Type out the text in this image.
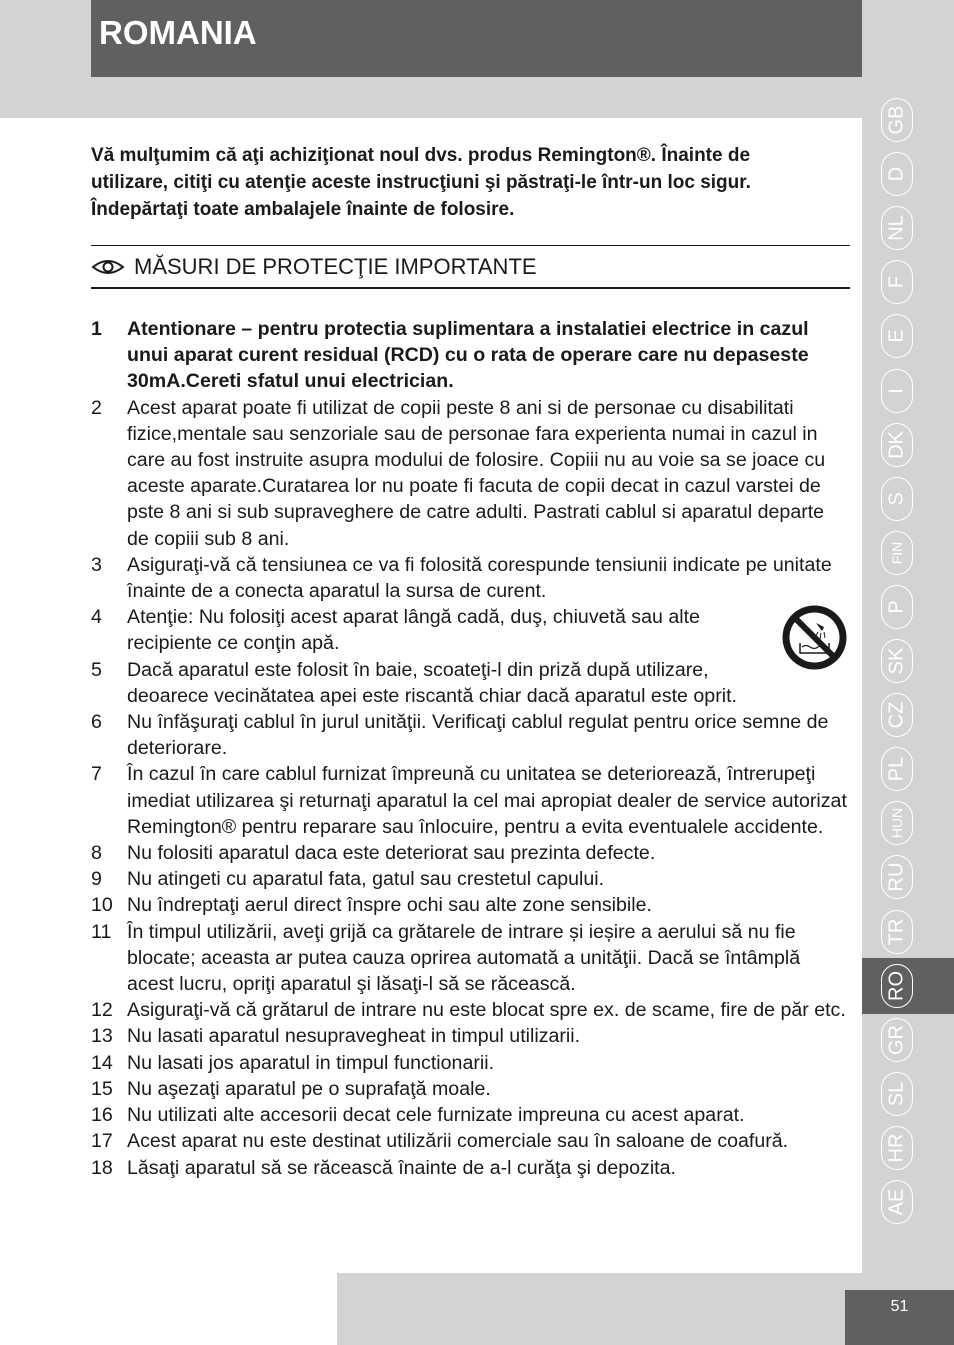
ROMANIA
Vă mulţumim că aţi achiziţionat noul dvs. produs Remington®. Înainte de utilizare, citiţi cu atenţie aceste instrucţiuni şi păstraţi-le într-un loc sigur. Îndepărtaţi toate ambalajele înainte de folosire.
MĂSURI DE PROTECŢIE IMPORTANTE
1	Atentionare – pentru protectia suplimentara a instalatiei electrice in cazul unui aparat curent residual (RCD) cu o rata de operare care nu depaseste 30mA.Cereti sfatul unui electrician.
2	Acest aparat poate fi utilizat de copii peste 8 ani si de personae cu disabilitati fizice,mentale sau senzoriale sau de personae fara experienta numai in cazul in care au fost instruite asupra modului de folosire. Copiii nu au voie sa se joace cu aceste aparate.Curatarea lor nu poate fi facuta de copii decat in cazul varstei de pste 8 ani si sub supraveghere de catre adulti. Pastrati cablul si aparatul departe de copiii sub 8 ani.
3	Asiguraţi-vă că tensiunea ce va fi folosită corespunde tensiunii indicate pe unitate înainte de a conecta aparatul la sursa de curent.
4	Atenţie: Nu folosiţi acest aparat lângă cadă, duş, chiuvetă sau alte recipiente ce conţin apă.
5	Dacă aparatul este folosit în baie, scoateţi-l din priză după utilizare, deoarece vecinătatea apei este riscantă chiar dacă aparatul este oprit.
6	Nu înfăşuraţi cablul în jurul unităţii. Verificaţi cablul regulat pentru orice semne de deteriorare.
7	În cazul în care cablul furnizat împreună cu unitatea se deteriorează, întrerupeţi imediat utilizarea şi returnaţi aparatul la cel mai apropiat dealer de service autorizat Remington® pentru reparare sau înlocuire, pentru a evita eventualele accidente.
8	Nu folositi aparatul daca este deteriorat sau prezinta defecte.
9	Nu atingeti cu aparatul fata, gatul sau crestetul capului.
10 Nu îndreptaţi aerul direct înspre ochi sau alte zone sensibile.
11 În timpul utilizării, aveţi grijă ca grătarele de intrare și ieșire a aerului să nu fie blocate; aceasta ar putea cauza oprirea automată a unităţii. Dacă se întâmplă acest lucru, opriţi aparatul şi lăsaţi-l să se răcească.
12 Asiguraţi-vă că grătarul de intrare nu este blocat spre ex. de scame, fire de păr etc.
13 Nu lasati aparatul nesupravegheat in timpul utilizarii.
14 Nu lasati jos aparatul in timpul functionarii.
15 Nu aşezaţi aparatul pe o suprafaţă moale.
16 Nu utilizati alte accesorii decat cele furnizate impreuna cu acest aparat.
17 Acest aparat nu este destinat utilizării comerciale sau în saloane de coafură.
18 Lăsaţi aparatul să se răcească înainte de a-l curăţa şi depozita.
GB
D
NL
F
E
I
DK
S
FIN
P
SK
CZ
PL
HUN
RU
TR
RO
GR
SL
HR
AE
51
